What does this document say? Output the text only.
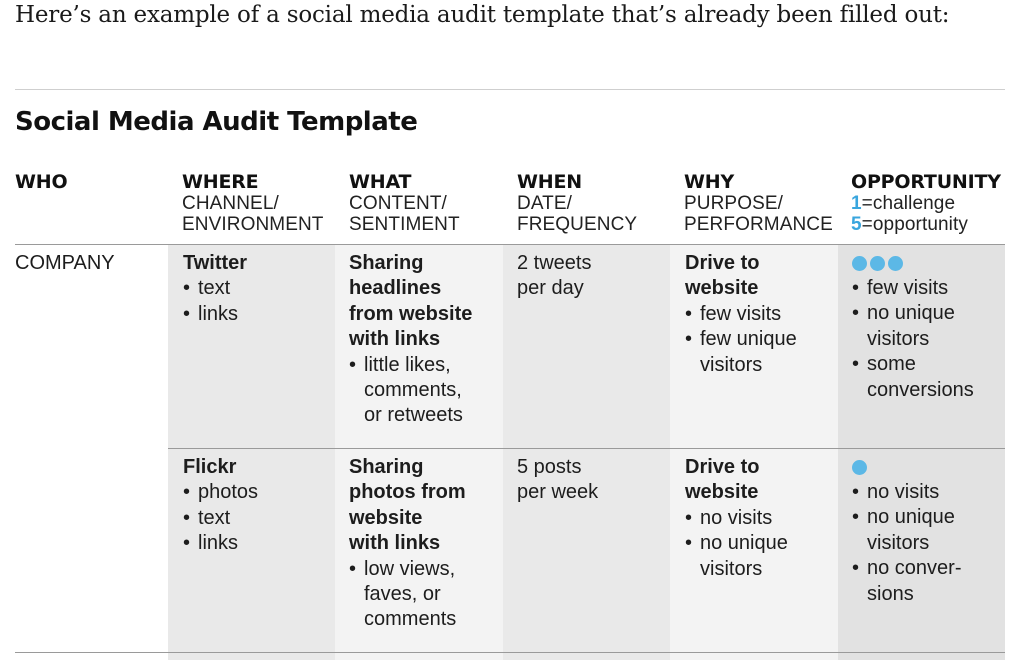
Here’s an example of a social media audit template that’s already been filled out:
Social Media Audit Template
WHO	WHERE
CHANNEL/
ENVIRONMENT
WHAT
CONTENT/
SENTIMENT
WHEN
DATE/
FREQUENCY
WHY
PURPOSE/
PERFORMANCE
OPPORTUNITY
1=challenge
5=opportunity
COMPANY	Twitter
• text
• links
Sharing
headlines
from website
with links
• little likes,
comments,
or retweets
2 tweets
per day
Drive to
website
• few visits
• few unique
visitors
• few visits
• no unique
visitors
• some
conversions
Flickr
• photos
• text
• links
Sharing
photos from
website
with links
• low views,
faves, or
comments
5 posts
per week
Drive to
website
• no visits
• no unique
visitors
• no visits
• no unique
visitors
• no conver-
sions
